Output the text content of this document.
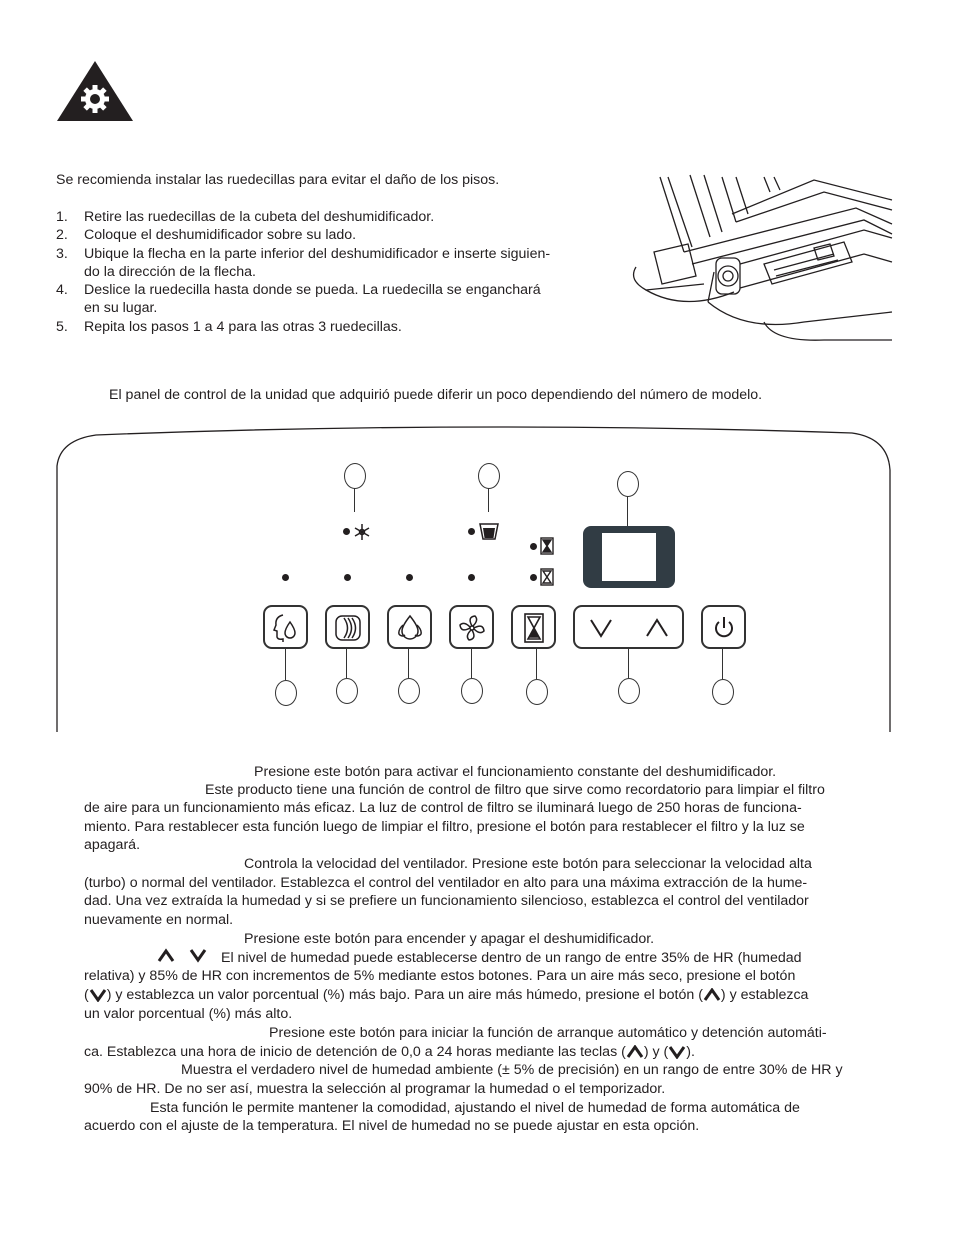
Se recomienda instalar las ruedecillas para evitar el daño de los pisos.
1.	Retire las ruedecillas de la cubeta del deshumidificador.
2.	Coloque el deshumidificador sobre su lado.
3.	Ubique la flecha en la parte inferior del deshumidificador e inserte siguien-
do la dirección de la flecha.
4.	Deslice la ruedecilla hasta donde se pueda. La ruedecilla se enganchará
en su lugar.
5.	Repita los pasos 1 a 4 para las otras 3 ruedecillas.
El panel de control de la unidad que adquirió puede diferir un poco dependiendo del número de modelo.
Presione este botón para activar el funcionamiento constante del deshumidificador.
Este producto tiene una función de control de filtro que sirve como recordatorio para limpiar el filtro
de aire para un funcionamiento más eficaz. La luz de control de filtro se iluminará luego de 250 horas de funciona-
miento. Para restablecer esta función luego de limpiar el filtro, presione el botón para restablecer el filtro y la luz se
apagará.
Controla la velocidad del ventilador. Presione este botón para seleccionar la velocidad alta
(turbo) o normal del ventilador. Establezca el control del ventilador en alto para una máxima extracción de la hume-
dad. Una vez extraída la humedad y si se prefiere un funcionamiento silencioso, establezca el control del ventilador
nuevamente en normal.
Presione este botón para encender y apagar el deshumidificador.
El nivel de humedad puede establecerse dentro de un rango de entre 35% de HR (humedad
relativa) y 85% de HR con incrementos de 5% mediante estos botones. Para un aire más seco, presione el botón
( ) y establezca un valor porcentual (%) más bajo. Para un aire más húmedo, presione el botón ( ) y establezca
un valor porcentual (%) más alto.
Presione este botón para iniciar la función de arranque automático y detención automáti-
ca. Establezca una hora de inicio de detención de 0,0 a 24 horas mediante las teclas ( ) y ( ).
Muestra el verdadero nivel de humedad ambiente (± 5% de precisión) en un rango de entre 30% de HR y
90% de HR. De no ser así, muestra la selección al programar la humedad o el temporizador.
Esta función le permite mantener la comodidad, ajustando el nivel de humedad de forma automática de
acuerdo con el ajuste de la temperatura. El nivel de humedad no se puede ajustar en esta opción.
